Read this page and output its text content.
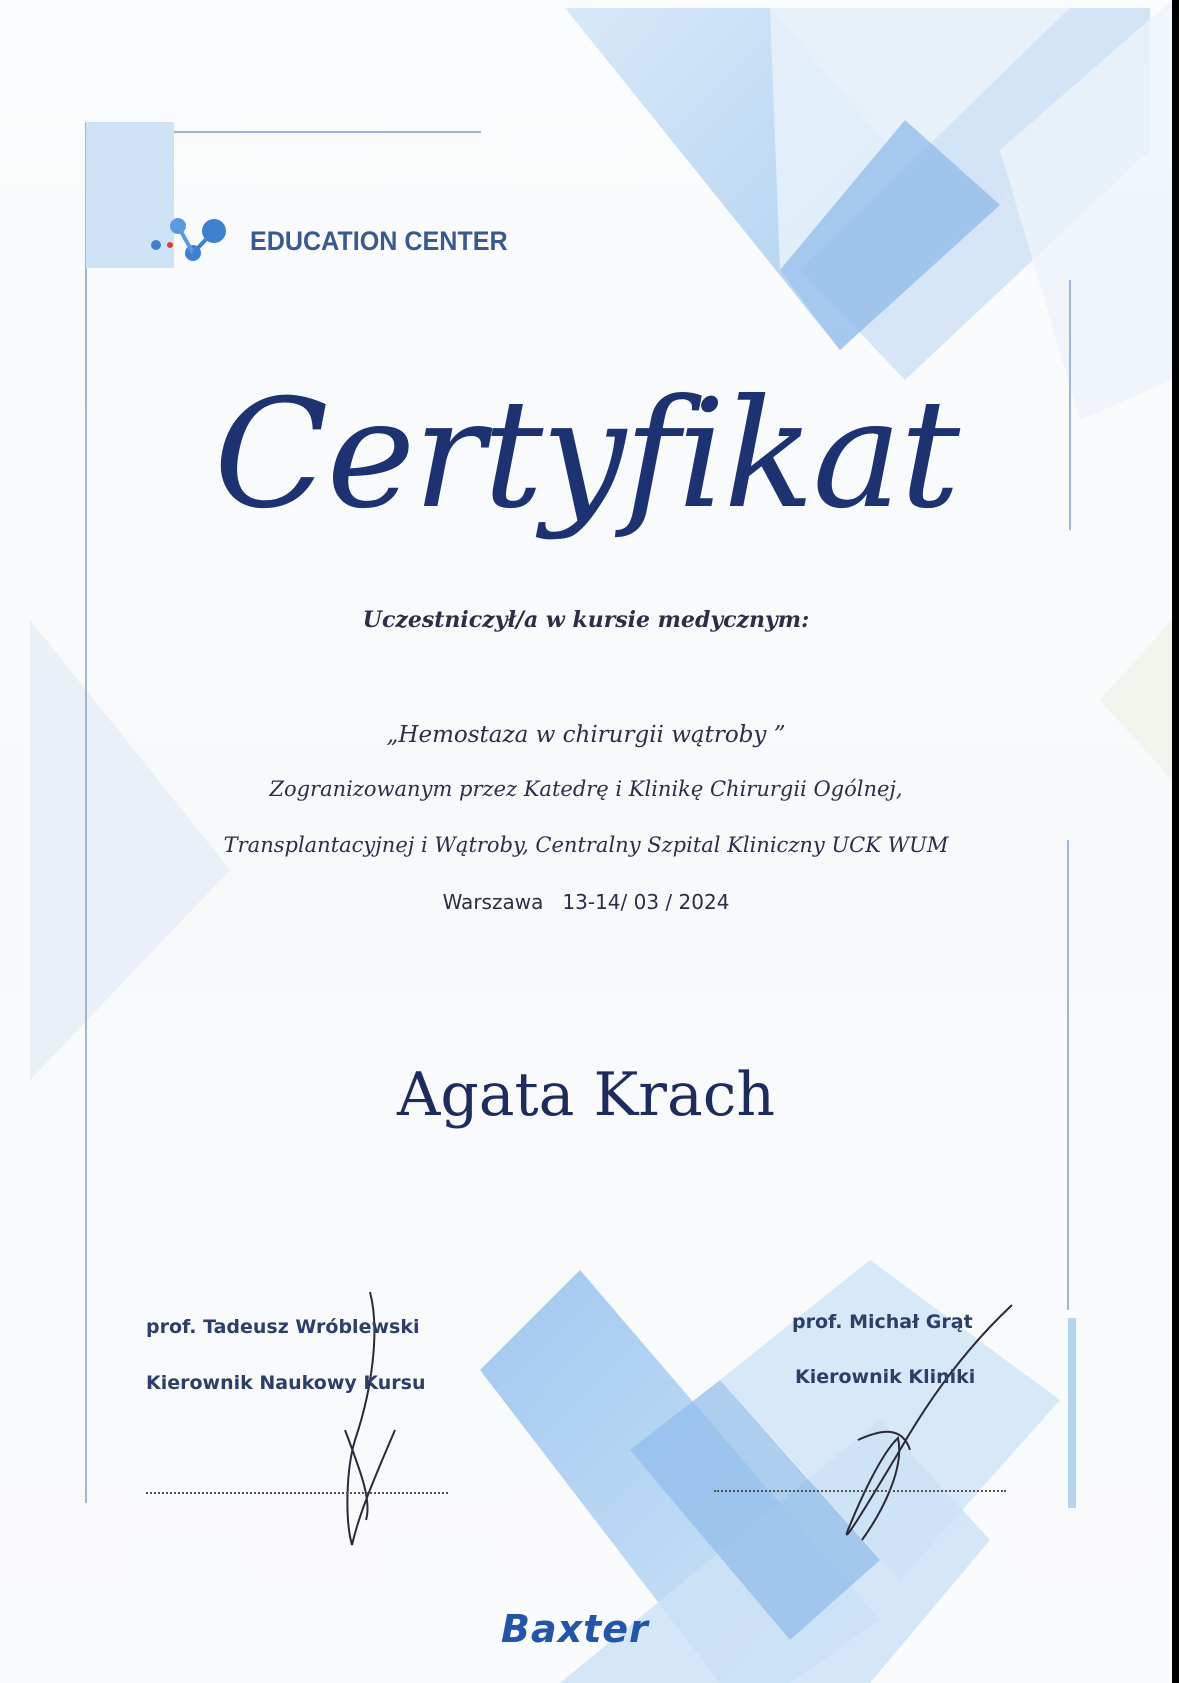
EDUCATION CENTER
Certyfikat
Uczestniczył/a w kursie medycznym:
„Hemostaza w chirurgii wątroby ”
Zogranizowanym przez Katedrę i Klinikę Chirurgii Ogólnej,
Transplantacyjnej i Wątroby, Centralny Szpital Kliniczny UCK WUM
Warszawa 13-14/ 03 / 2024
Agata Krach
prof. Tadeusz Wróblewski
Kierownik Naukowy Kursu
prof. Michał Grąt
Kierownik Kliniki
Baxter
